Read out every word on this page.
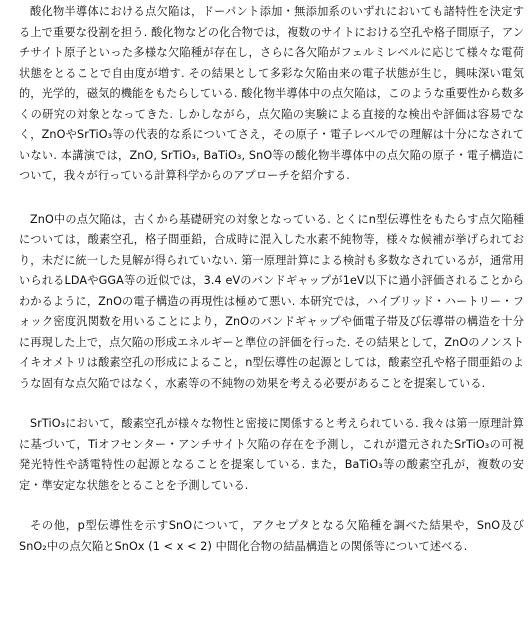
酸化物半導体における点欠陥は，ドーパント添加・無添加系のいずれにおいても諸特性を決定する上で重要な役割を担う. 酸化物などの化合物では，複数のサイトにおける空孔や格子間原子，アンチサイト原子といった多様な欠陥種が存在し，さらに各欠陥がフェルミレベルに応じて様々な電荷状態をとることで自由度が増す. その結果として多彩な欠陥由来の電子状態が生じ，興味深い電気的，光学的，磁気的機能をもたらしている. 酸化物半導体中の点欠陥は，このような重要性から数多くの研究の対象となってきた. しかしながら，点欠陥の実験による直接的な検出や評価は容易でなく，ZnOやSrTiO₃等の代表的な系についてさえ，その原子・電子レベルでの理解は十分になされていない. 本講演では，ZnO, SrTiO₃, BaTiO₃, SnO等の酸化物半導体中の点欠陥の原子・電子構造について，我々が行っている計算科学からのアプローチを紹介する.

ZnO中の点欠陥は，古くから基礎研究の対象となっている. とくにn型伝導性をもたらす点欠陥種については，酸素空孔，格子間亜鉛，合成時に混入した水素不純物等，様々な候補が挙げられており，未だに統一した見解が得られていない. 第一原理計算による検討も多数なされているが，通常用いられるLDAやGGA等の近似では，3.4 eVのバンドギャップが1eV以下に過小評価されることからわかるように，ZnOの電子構造の再現性は極めて悪い. 本研究では，ハイブリッド・ハートリー・フォック密度汎関数を用いることにより，ZnOのバンドギャップや価電子帯及び伝導帯の構造を十分に再現した上で，点欠陥の形成エネルギーと準位の評価を行った. その結果として，ZnOのノンストイキオメトリは酸素空孔の形成によること，n型伝導性の起源としては，酸素空孔や格子間亜鉛のような固有な点欠陥ではなく，水素等の不純物の効果を考える必要があることを提案している.

SrTiO₃において，酸素空孔が様々な物性と密接に関係すると考えられている. 我々は第一原理計算に基づいて，Tiオフセンター・アンチサイト欠陥の存在を予測し，これが還元されたSrTiO₃の可視発光特性や誘電特性の起源となることを提案している. また，BaTiO₃等の酸素空孔が，複数の安定・準安定な状態をとることを予測している.

その他，p型伝導性を示すSnOについて，アクセプタとなる欠陥種を調べた結果や，SnO及びSnO₂中の点欠陥とSnOx (1 < x < 2) 中間化合物の結晶構造との関係等について述べる.
